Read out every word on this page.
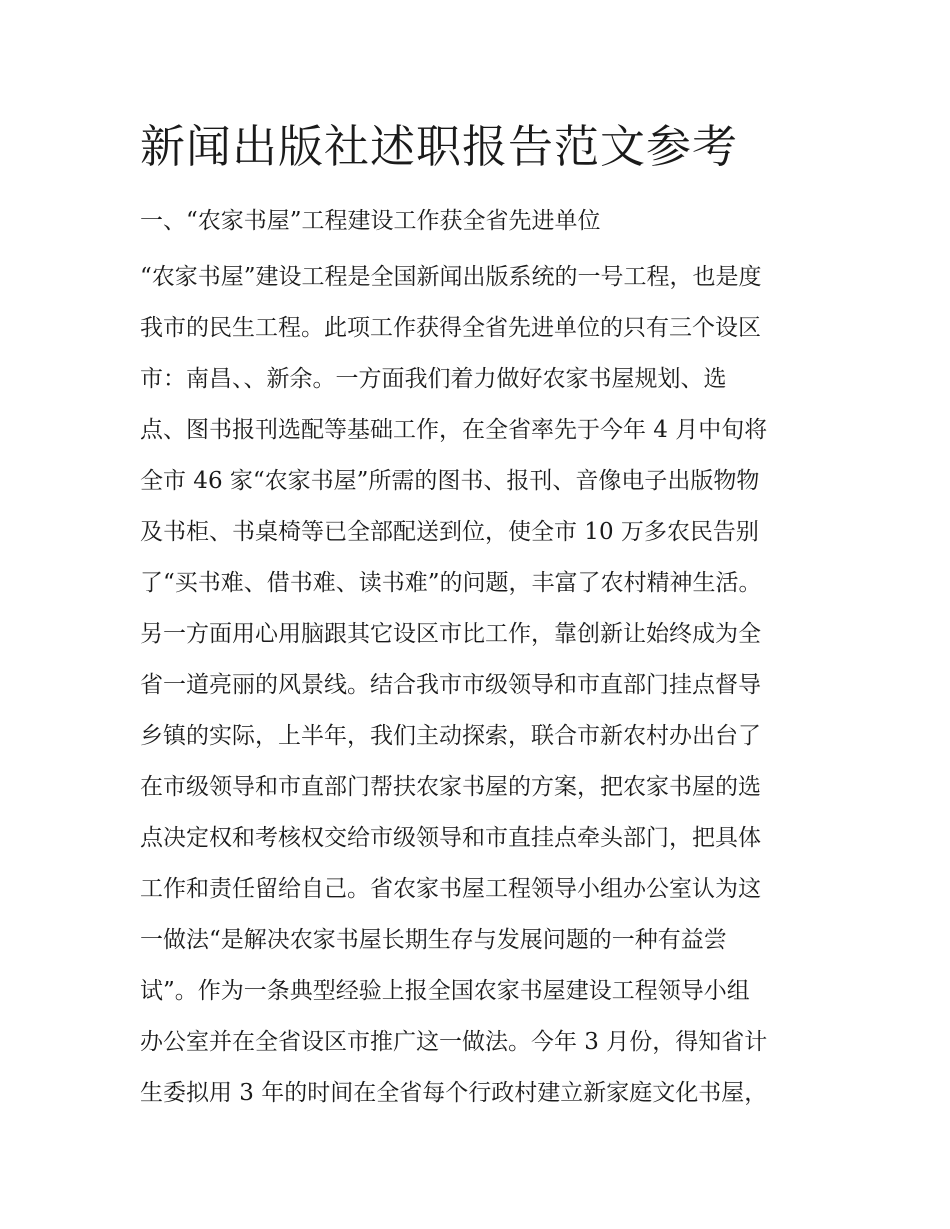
新闻出版社述职报告范文参考

一、“农家书屋”工程建设工作获全省先进单位

“农家书屋”建设工程是全国新闻出版系统的一号工程，也是度
我市的民生工程。此项工作获得全省先进单位的只有三个设区
市：南昌、、新余。一方面我们着力做好农家书屋规划、选
点、图书报刊选配等基础工作，在全省率先于今年 4 月中旬将
全市 46 家“农家书屋”所需的图书、报刊、音像电子出版物物
及书柜、书桌椅等已全部配送到位，使全市 10 万多农民告别
了“买书难、借书难、读书难”的问题，丰富了农村精神生活。
另一方面用心用脑跟其它设区市比工作，靠创新让始终成为全
省一道亮丽的风景线。结合我市市级领导和市直部门挂点督导
乡镇的实际，上半年，我们主动探索，联合市新农村办出台了
在市级领导和市直部门帮扶农家书屋的方案，把农家书屋的选
点决定权和考核权交给市级领导和市直挂点牵头部门，把具体
工作和责任留给自己。省农家书屋工程领导小组办公室认为这
一做法“是解决农家书屋长期生存与发展问题的一种有益尝
试”。作为一条典型经验上报全国农家书屋建设工程领导小组
办公室并在全省设区市推广这一做法。今年 3 月份，得知省计
生委拟用 3 年的时间在全省每个行政村建立新家庭文化书屋，
